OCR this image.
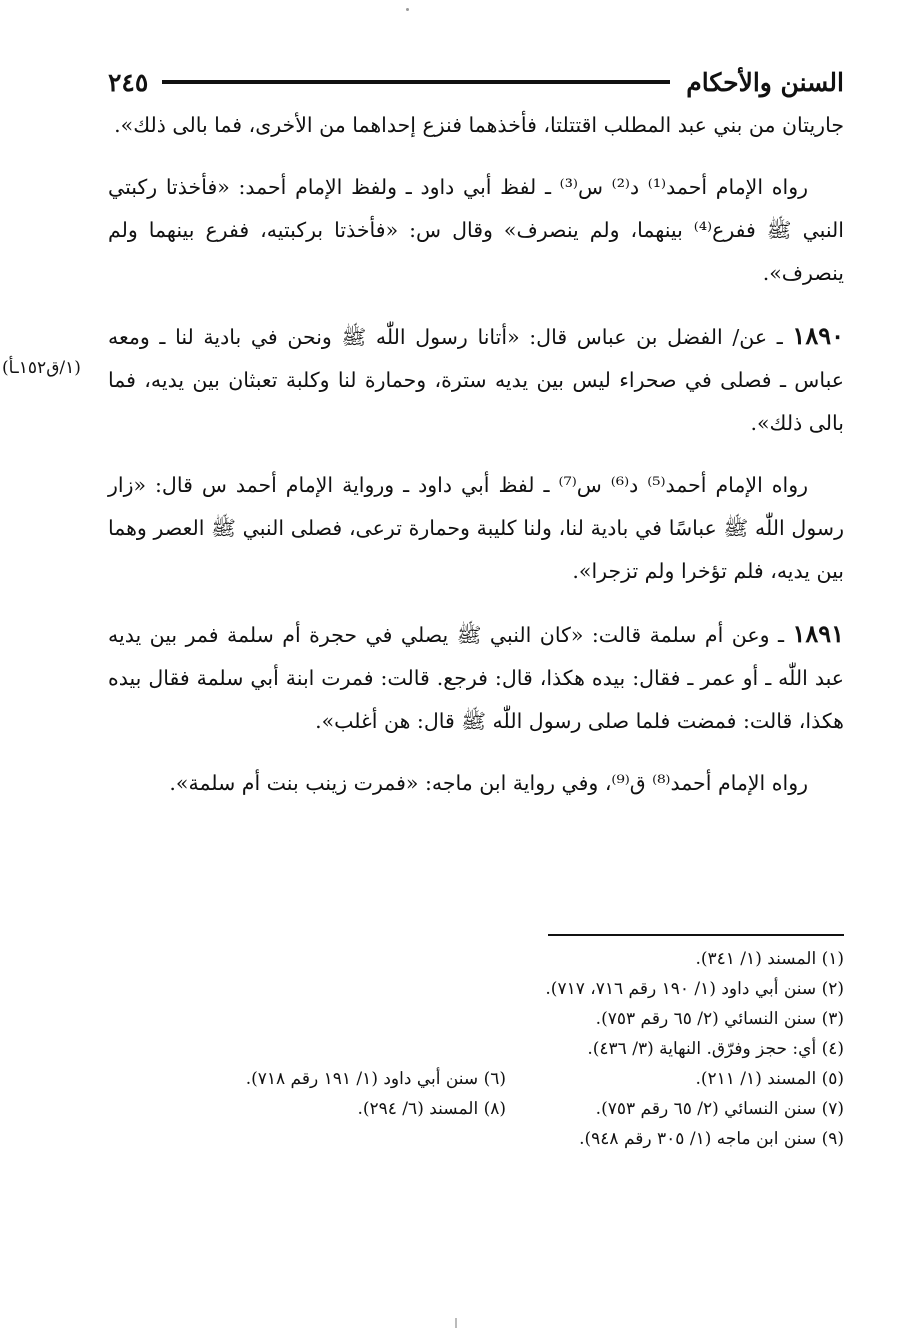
السنن والأحكام
٢٤٥

جاريتان من بني عبد المطلب اقتتلتا، فأخذهما فنزع إحداهما من الأخرى، فما بالى ذلك».

رواه الإمام أحمد⁽¹⁾ د⁽²⁾ س⁽³⁾ ـ لفظ أبي داود ـ ولفظ الإمام أحمد: «فأخذتا ركبتي النبي ﷺ ففرع⁽⁴⁾ بينهما، ولم ينصرف» وقال س: «فأخذتا بركبتيه، ففرع بينهما ولم ينصرف».

١٨٩٠ ـ عن/ الفضل بن عباس قال: «أتانا رسول اللّٰه ﷺ ونحن في بادية لنا ـ ومعه عباس ـ فصلى في صحراء ليس بين يديه سترة، وحمارة لنا وكلبة تعبثان بين يديه، فما بالى ذلك».

رواه الإمام أحمد⁽⁵⁾ د⁽⁶⁾ س⁽⁷⁾ ـ لفظ أبي داود ـ ورواية الإمام أحمد س قال: «زار رسول اللّٰه ﷺ عباسًا في بادية لنا، ولنا كليبة وحمارة ترعى، فصلى النبي ﷺ العصر وهما بين يديه، فلم تؤخرا ولم تزجرا».

١٨٩١ ـ وعن أم سلمة قالت: «كان النبي ﷺ يصلي في حجرة أم سلمة فمر بين يديه عبد اللّٰه ـ أو عمر ـ فقال: بيده هكذا، قال: فرجع. قالت: فمرت ابنة أبي سلمة فقال بيده هكذا، قالت: فمضت فلما صلى رسول اللّٰه ﷺ قال: هن أغلب».

رواه الإمام أحمد⁽⁸⁾ ق⁽⁹⁾، وفي رواية ابن ماجه: «فمرت زينب بنت أم سلمة».

(١/ق١٥٢ـأ)
(١) المسند (١/ ٣٤١).
(٢) سنن أبي داود (١/ ١٩٠ رقم ٧١٦، ٧١٧).
(٣) سنن النسائي (٢/ ٦٥ رقم ٧٥٣).
(٤) أي: حجز وفرّق. النهاية (٣/ ٤٣٦).
(٥) المسند (١/ ٢١١).
(٦) سنن أبي داود (١/ ١٩١ رقم ٧١٨).
(٧) سنن النسائي (٢/ ٦٥ رقم ٧٥٣).
(٨) المسند (٦/ ٢٩٤).
(٩) سنن ابن ماجه (١/ ٣٠٥ رقم ٩٤٨).
